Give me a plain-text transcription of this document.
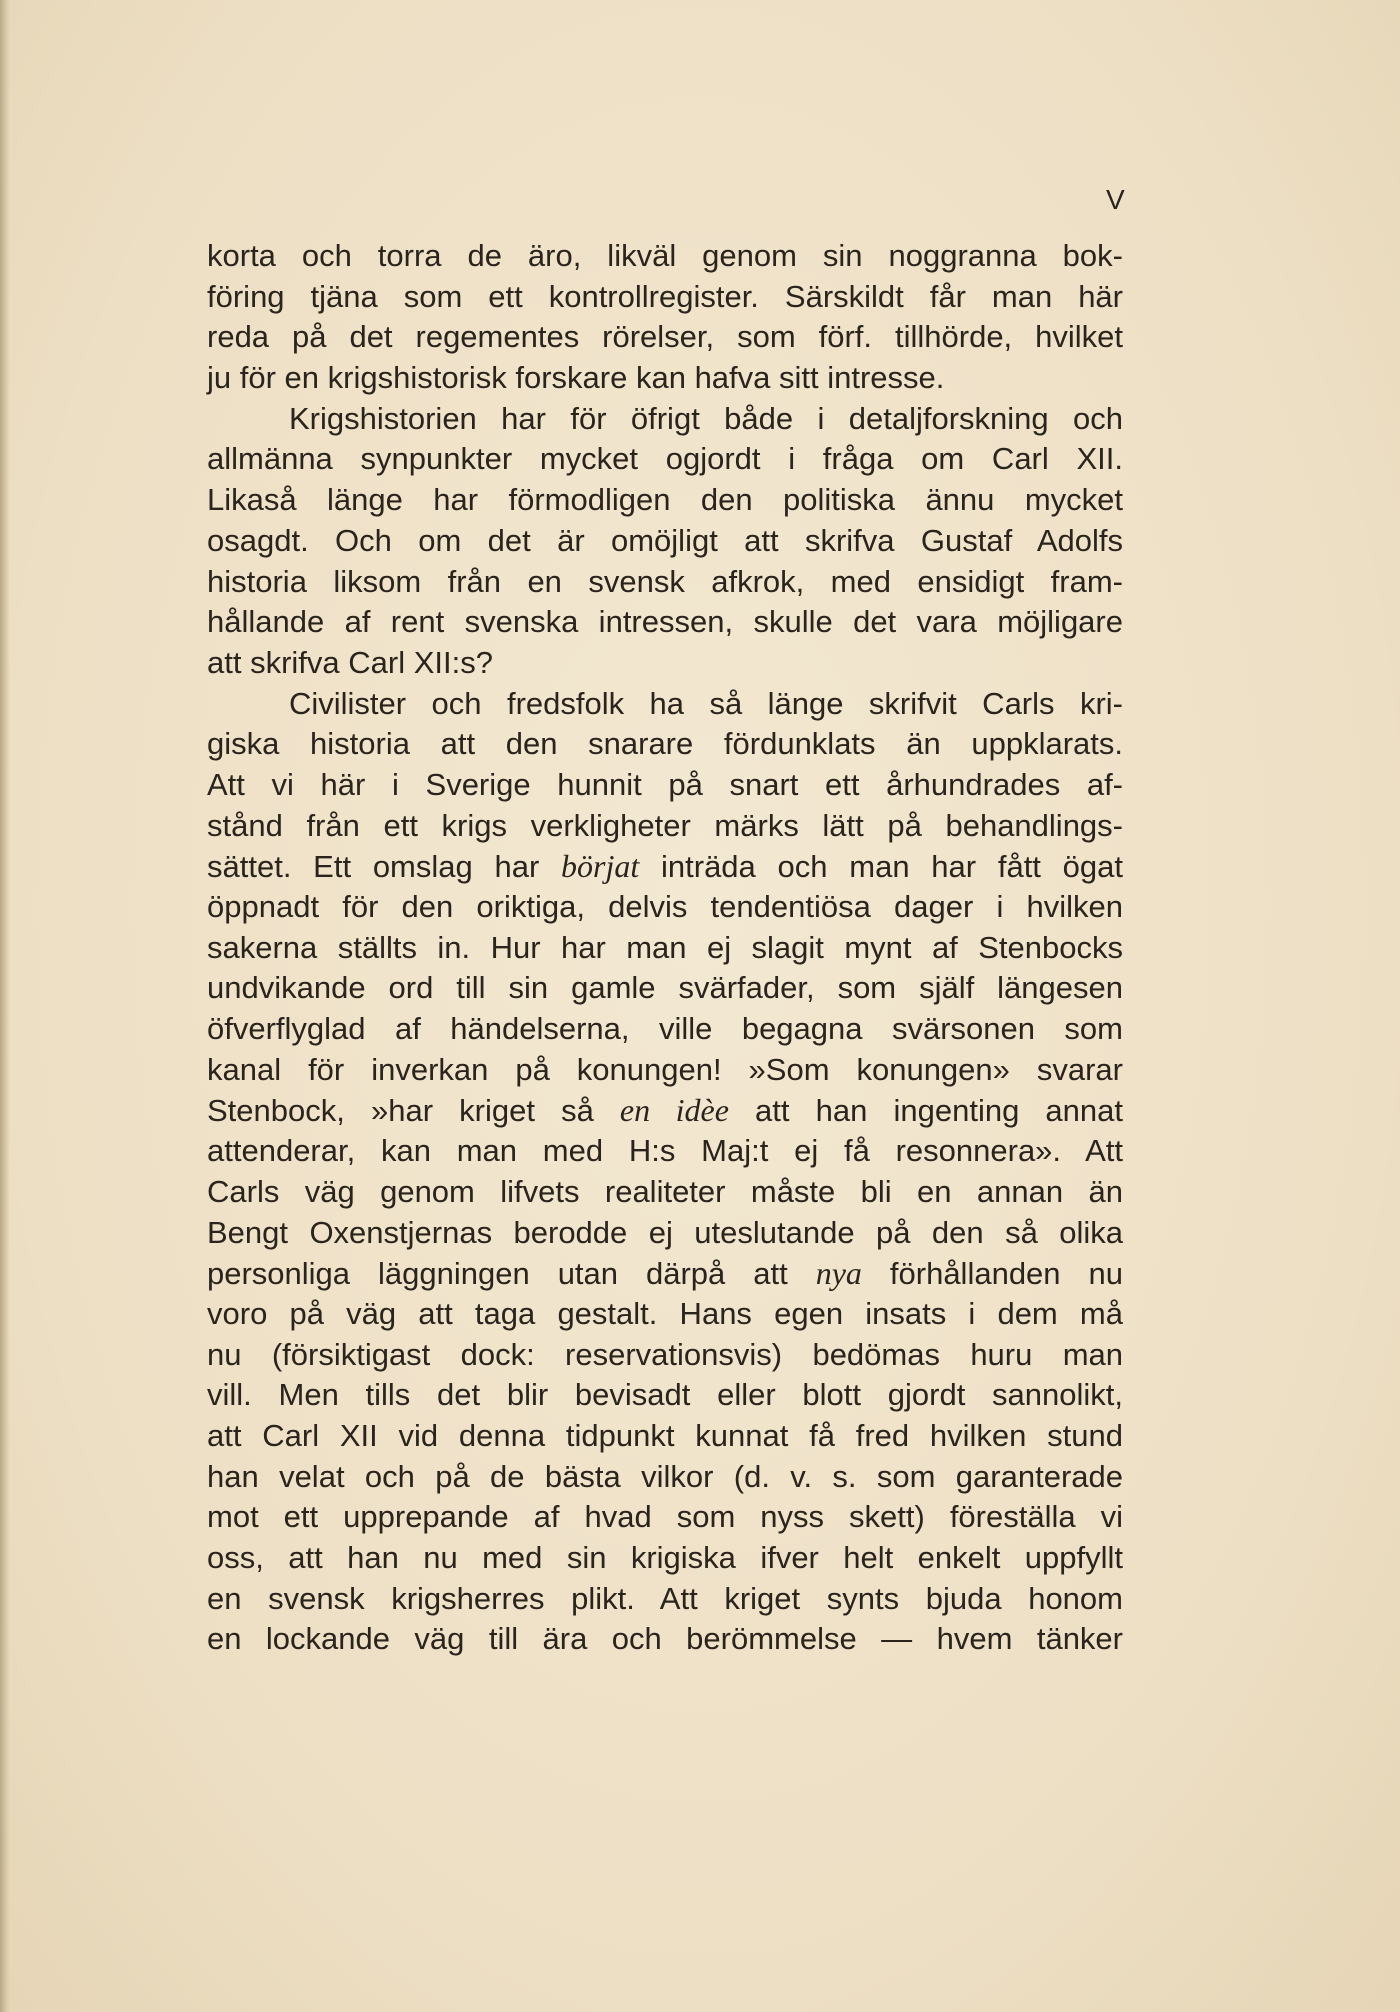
V
korta och torra de äro, likväl genom sin noggranna bok-
föring tjäna som ett kontrollregister. Särskildt får man här
reda på det regementes rörelser, som förf. tillhörde, hvilket
ju för en krigshistorisk forskare kan hafva sitt intresse.
Krigshistorien har för öfrigt både i detaljforskning och
allmänna synpunkter mycket ogjordt i fråga om Carl XII.
Likaså länge har förmodligen den politiska ännu mycket
osagdt. Och om det är omöjligt att skrifva Gustaf Adolfs
historia liksom från en svensk afkrok, med ensidigt fram-
hållande af rent svenska intressen, skulle det vara möjligare
att skrifva Carl XII:s?
Civilister och fredsfolk ha så länge skrifvit Carls kri-
giska historia att den snarare fördunklats än uppklarats.
Att vi här i Sverige hunnit på snart ett århundrades af-
stånd från ett krigs verkligheter märks lätt på behandlings-
sättet. Ett omslag har börjat inträda och man har fått ögat
öppnadt för den oriktiga, delvis tendentiösa dager i hvilken
sakerna ställts in. Hur har man ej slagit mynt af Stenbocks
undvikande ord till sin gamle svärfader, som själf längesen
öfverflyglad af händelserna, ville begagna svärsonen som
kanal för inverkan på konungen! »Som konungen» svarar
Stenbock, »har kriget så en idèe att han ingenting annat
attenderar, kan man med H:s Maj:t ej få resonnera». Att
Carls väg genom lifvets realiteter måste bli en annan än
Bengt Oxenstjernas berodde ej uteslutande på den så olika
personliga läggningen utan därpå att nya förhållanden nu
voro på väg att taga gestalt. Hans egen insats i dem må
nu (försiktigast dock: reservationsvis) bedömas huru man
vill. Men tills det blir bevisadt eller blott gjordt sannolikt,
att Carl XII vid denna tidpunkt kunnat få fred hvilken stund
han velat och på de bästa vilkor (d. v. s. som garanterade
mot ett upprepande af hvad som nyss skett) föreställa vi
oss, att han nu med sin krigiska ifver helt enkelt uppfyllt
en svensk krigsherres plikt. Att kriget synts bjuda honom
en lockande väg till ära och berömmelse — hvem tänker
